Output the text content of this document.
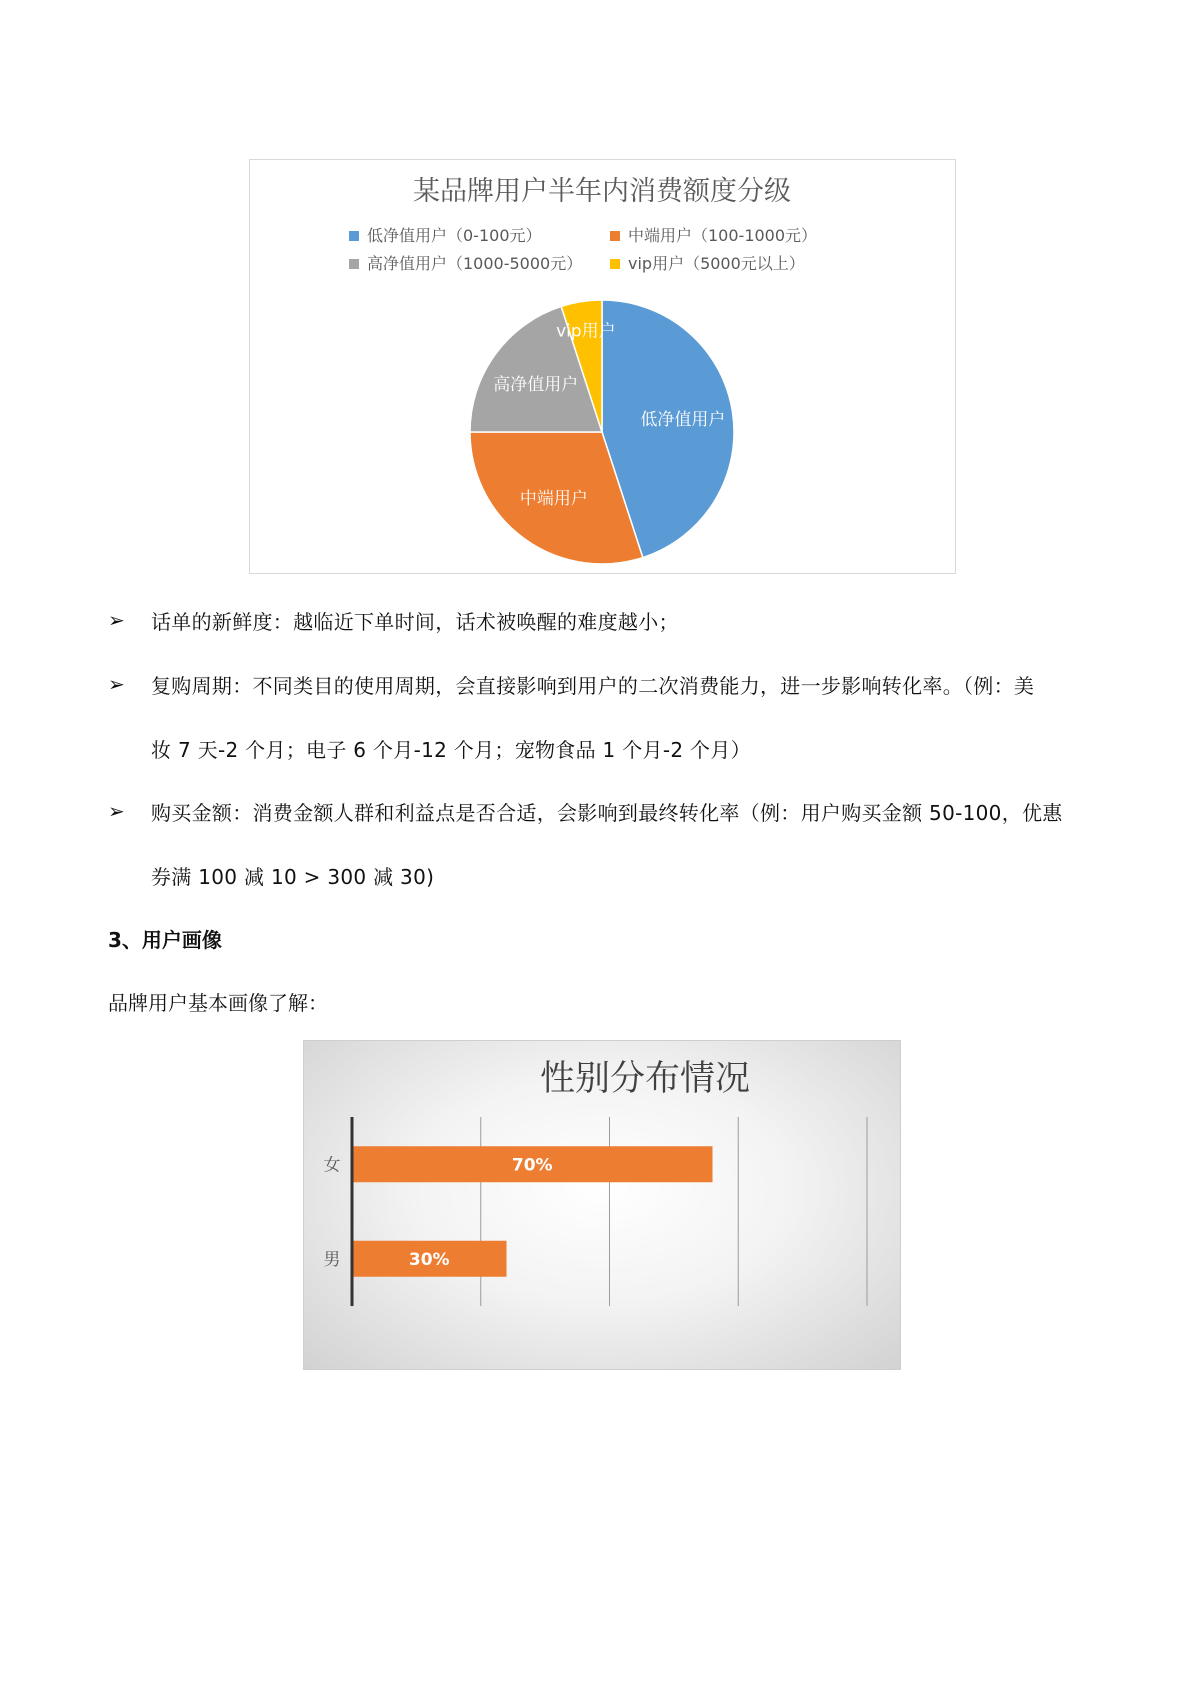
某品牌用户半年内消费额度分级
低净值用户（0-100元）	中端用户（100-1000元）
高净值用户（1000-5000元）	vip用户（5000元以上）
低净值用户
中端用户
高净值用户
vip用户
➢ 话单的新鲜度：越临近下单时间，话术被唤醒的难度越小；
➢ 复购周期：不同类目的使用周期，会直接影响到用户的二次消费能力，进一步影响转化率。（例：美
妆 7 天-2 个月；电子 6 个月-12 个月；宠物食品 1 个月-2 个月）
➢ 购买金额：消费金额人群和利益点是否合适，会影响到最终转化率（例：用户购买金额 50-100，优惠
券满 100 减 10 > 300 减 30)
3、用户画像
品牌用户基本画像了解：
性别分布情况
70%
女
30%
男
